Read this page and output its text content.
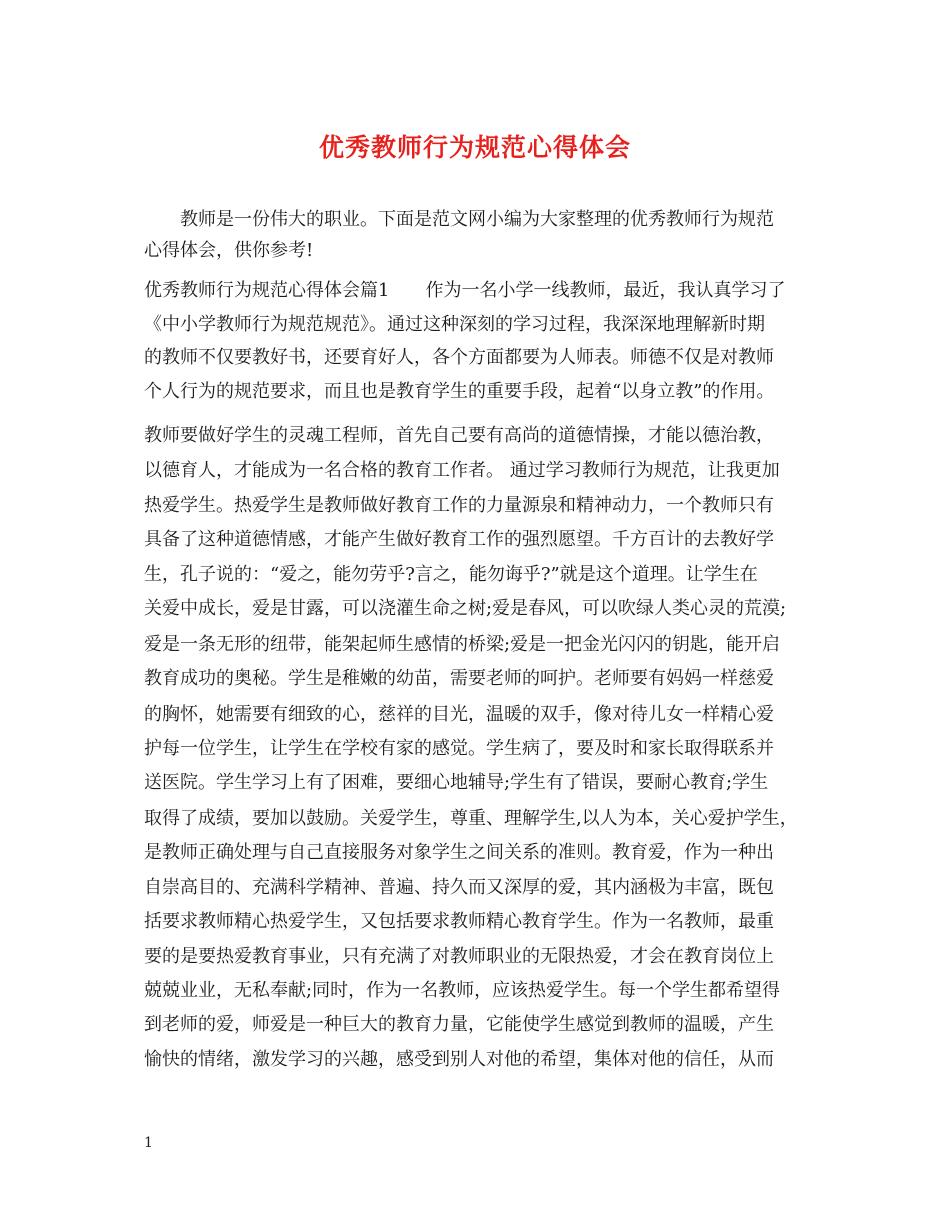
优秀教师行为规范心得体会
　　教师是一份伟大的职业。下面是范文网小编为大家整理的优秀教师行为规范
心得体会，供你参考!
优秀教师行为规范心得体会篇1　　作为一名小学一线教师，最近，我认真学习了
《中小学教师行为规范规范》。通过这种深刻的学习过程，我深深地理解新时期
的教师不仅要教好书，还要育好人，各个方面都要为人师表。师德不仅是对教师
个人行为的规范要求，而且也是教育学生的重要手段，起着“以身立教”的作用。
教师要做好学生的灵魂工程师，首先自己要有高尚的道德情操，才能以德治教，
以德育人，才能成为一名合格的教育工作者。 通过学习教师行为规范，让我更加
热爱学生。热爱学生是教师做好教育工作的力量源泉和精神动力，一个教师只有
具备了这种道德情感，才能产生做好教育工作的强烈愿望。千方百计的去教好学
生，孔子说的：“爱之，能勿劳乎?言之，能勿诲乎?”就是这个道理。让学生在
关爱中成长，爱是甘露，可以浇灌生命之树;爱是春风，可以吹绿人类心灵的荒漠;
爱是一条无形的纽带，能架起师生感情的桥梁;爱是一把金光闪闪的钥匙，能开启
教育成功的奥秘。学生是稚嫩的幼苗，需要老师的呵护。老师要有妈妈一样慈爱
的胸怀，她需要有细致的心，慈祥的目光，温暖的双手，像对待儿女一样精心爱
护每一位学生，让学生在学校有家的感觉。学生病了，要及时和家长取得联系并
送医院。学生学习上有了困难，要细心地辅导;学生有了错误，要耐心教育;学生
取得了成绩，要加以鼓励。关爱学生，尊重、理解学生,以人为本，关心爱护学生，
是教师正确处理与自己直接服务对象学生之间关系的准则。教育爱，作为一种出
自崇高目的、充满科学精神、普遍、持久而又深厚的爱，其内涵极为丰富，既包
括要求教师精心热爱学生，又包括要求教师精心教育学生。作为一名教师，最重
要的是要热爱教育事业，只有充满了对教师职业的无限热爱，才会在教育岗位上
兢兢业业，无私奉献;同时，作为一名教师，应该热爱学生。每一个学生都希望得
到老师的爱，师爱是一种巨大的教育力量，它能使学生感觉到教师的温暖，产生
愉快的情绪，激发学习的兴趣，感受到别人对他的希望，集体对他的信任，从而
1
